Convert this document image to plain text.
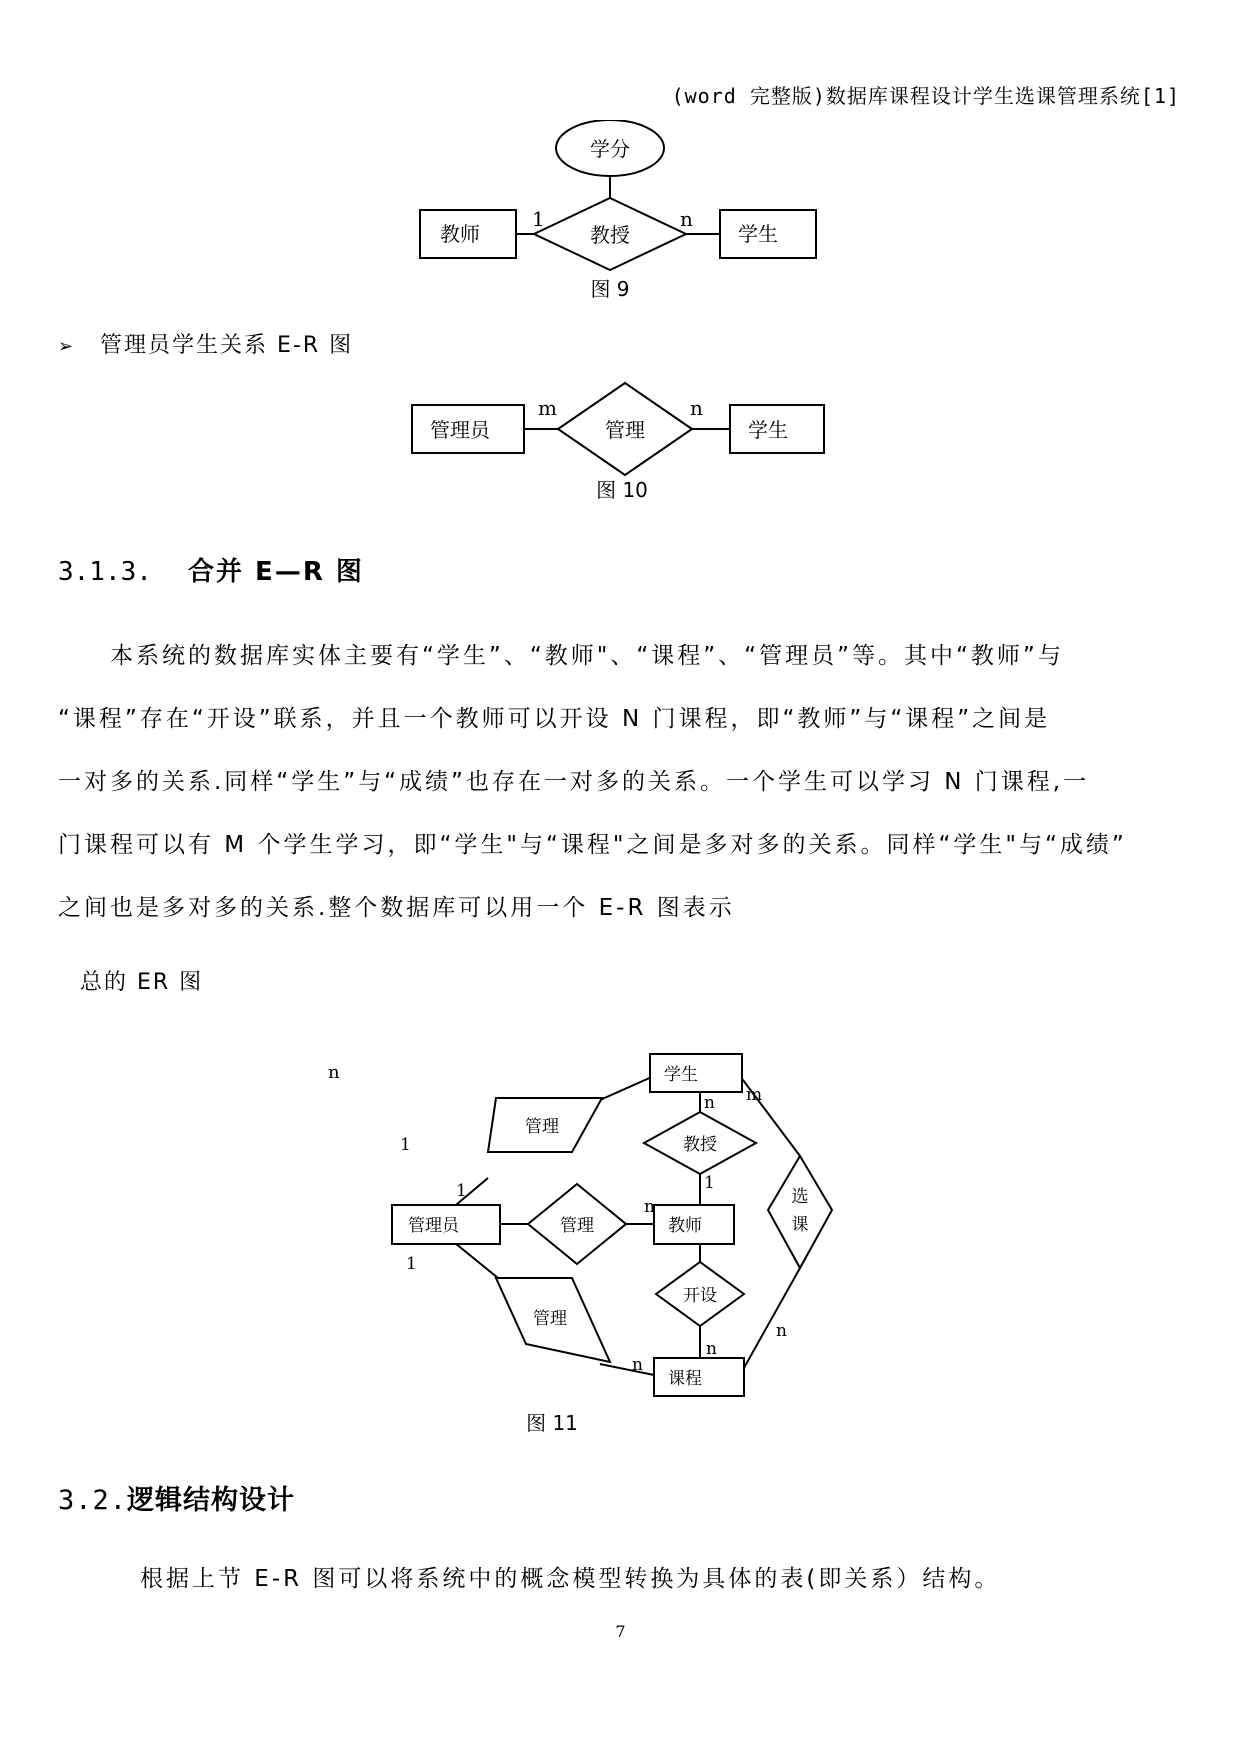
(word 完整版)数据库课程设计学生选课管理系统[1]
学分
教师	教授	学生
1	n
图 9
➢ 管理员学生关系 E-R 图
管理员	管理	学生
m	n
图 10
3.1.3. 合并 E—R 图

　　本系统的数据库实体主要有“学生”、“教师"、“课程”、“管理员”等。其中“教师”与

“课程”存在“开设”联系，并且一个教师可以开设 N 门课程，即“教师”与“课程”之间是

一对多的关系.同样“学生”与“成绩”也存在一对多的关系。一个学生可以学习 N 门课程,一

门课程可以有 M 个学生学习，即“学生"与“课程"之间是多对多的关系。同样“学生"与“成绩”

之间也是多对多的关系.整个数据库可以用一个 E-R 图表示

总的 ER 图
n	学生
教师
管理员
课程
管理
管理
管理
教授
开设
选
课
1
1
1
n
n
1
m
n
n
n
图 11
3.2.逻辑结构设计
根据上节 E-R 图可以将系统中的概念模型转换为具体的表(即关系）结构。
7
